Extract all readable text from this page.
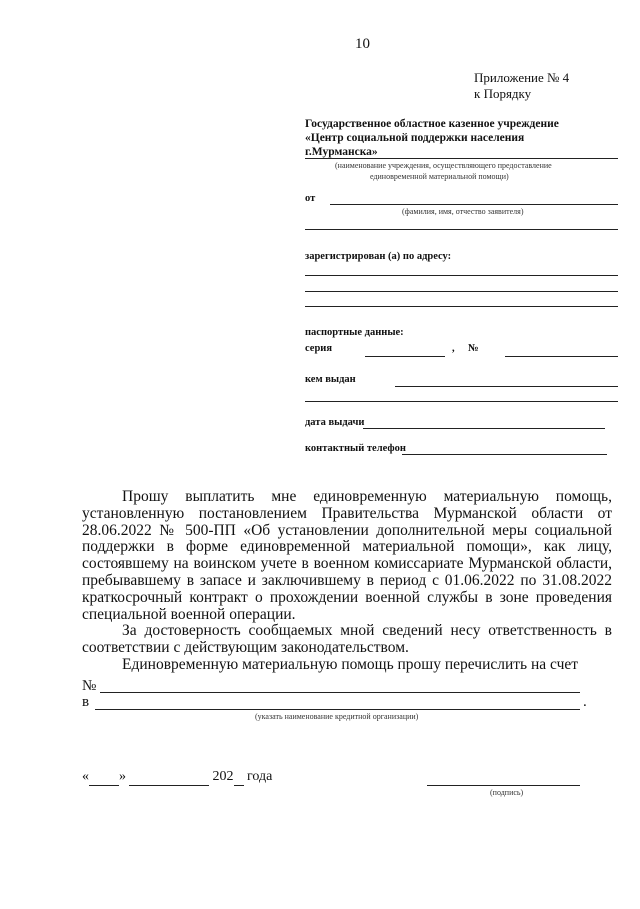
10
Приложение № 4
к Порядку
Государственное областное казенное учреждение
«Центр социальной поддержки населения
г.Мурманска»
(наименование учреждения, осуществляющего предоставление
единовременной материальной помощи)
от
(фамилия, имя, отчество заявителя)
зарегистрирован (а) по адресу:
паспортные данные:
серия	, №
кем выдан
дата выдачи
контактный телефон

Прошу выплатить мне единовременную материальную помощь, установленную постановлением Правительства Мурманской области от 28.06.2022 № 500-ПП «Об установлении дополнительной меры социальной поддержки в форме единовременной материальной помощи», как лицу, состоявшему на воинском учете в военном комиссариате Мурманской области, пребывавшему в запасе и заключившему в период с 01.06.2022 по 31.08.2022 краткосрочный контракт о прохождении военной службы в зоне проведения специальной военной операции.

За достоверность сообщаемых мной сведений несу ответственность в соответствии с действующим законодательством.

Единовременную материальную помощь прошу перечислить на счет

№
в	.
(указать наименование кредитной организации)
« »	202 года
(подпись)
